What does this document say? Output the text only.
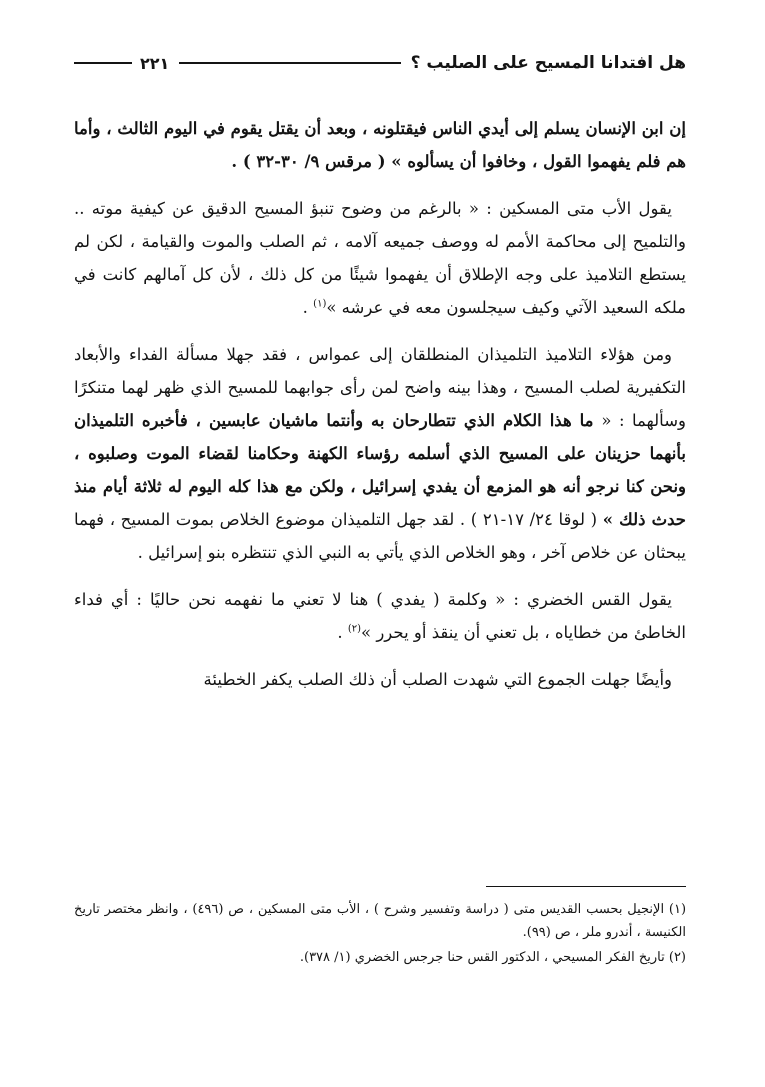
هل افتدانا المسيح على الصليب ؟
٢٢١

إن ابن الإنسان يسلم إلى أيدي الناس فيقتلونه ، وبعد أن يقتل يقوم في اليوم الثالث ، وأما هم فلم يفهموا القول ، وخافوا أن يسألوه » ( مرقس ٩/ ٣٠-٣٢ ) .

يقول الأب متى المسكين : « بالرغم من وضوح تنبؤ المسيح الدقيق عن كيفية موته .. والتلميح إلى محاكمة الأمم له ووصف جميعه آلامه ، ثم الصلب والموت والقيامة ، لكن لم يستطع التلاميذ على وجه الإطلاق أن يفهموا شيئًا من كل ذلك ، لأن كل آمالهم كانت في ملكه السعيد الآتي وكيف سيجلسون معه في عرشه »$^{(١)}$ .

ومن هؤلاء التلاميذ التلميذان المنطلقان إلى عمواس ، فقد جهلا مسألة الفداء والأبعاد التكفيرية لصلب المسيح ، وهذا بينه واضح لمن رأى جوابهما للمسيح الذي ظهر لهما متنكرًا وسألهما : « ما هذا الكلام الذي تتطارحان به وأنتما ماشيان عابسين ، فأخبره التلميذان بأنهما حزينان على المسيح الذي أسلمه رؤساء الكهنة وحكامنا لقضاء الموت وصلبوه ، ونحن كنا نرجو أنه هو المزمع أن يفدي إسرائيل ، ولكن مع هذا كله اليوم له ثلاثة أيام منذ حدث ذلك » ( لوقا ٢٤/ ١٧-٢١ ) . لقد جهل التلميذان موضوع الخلاص بموت المسيح ، فهما يبحثان عن خلاص آخر ، وهو الخلاص الذي يأتي به النبي الذي تنتظره بنو إسرائيل .

يقول القس الخضري : « وكلمة ( يفدي ) هنا لا تعني ما نفهمه نحن حاليًا : أي فداء الخاطئ من خطاياه ، بل تعني أن ينقذ أو يحرر »$^{(٢)}$ .

وأيضًا جهلت الجموع التي شهدت الصلب أن ذلك الصلب يكفر الخطيئة

(١) الإنجيل بحسب القديس متى ( دراسة وتفسير وشرح ) ، الأب متى المسكين ، ص (٤٩٦) ، وانظر مختصر تاريخ الكنيسة ، أندرو ملر ، ص (٩٩).

(٢) تاريخ الفكر المسيحي ، الدكتور القس حنا جرجس الخضري (١/ ٣٧٨).
